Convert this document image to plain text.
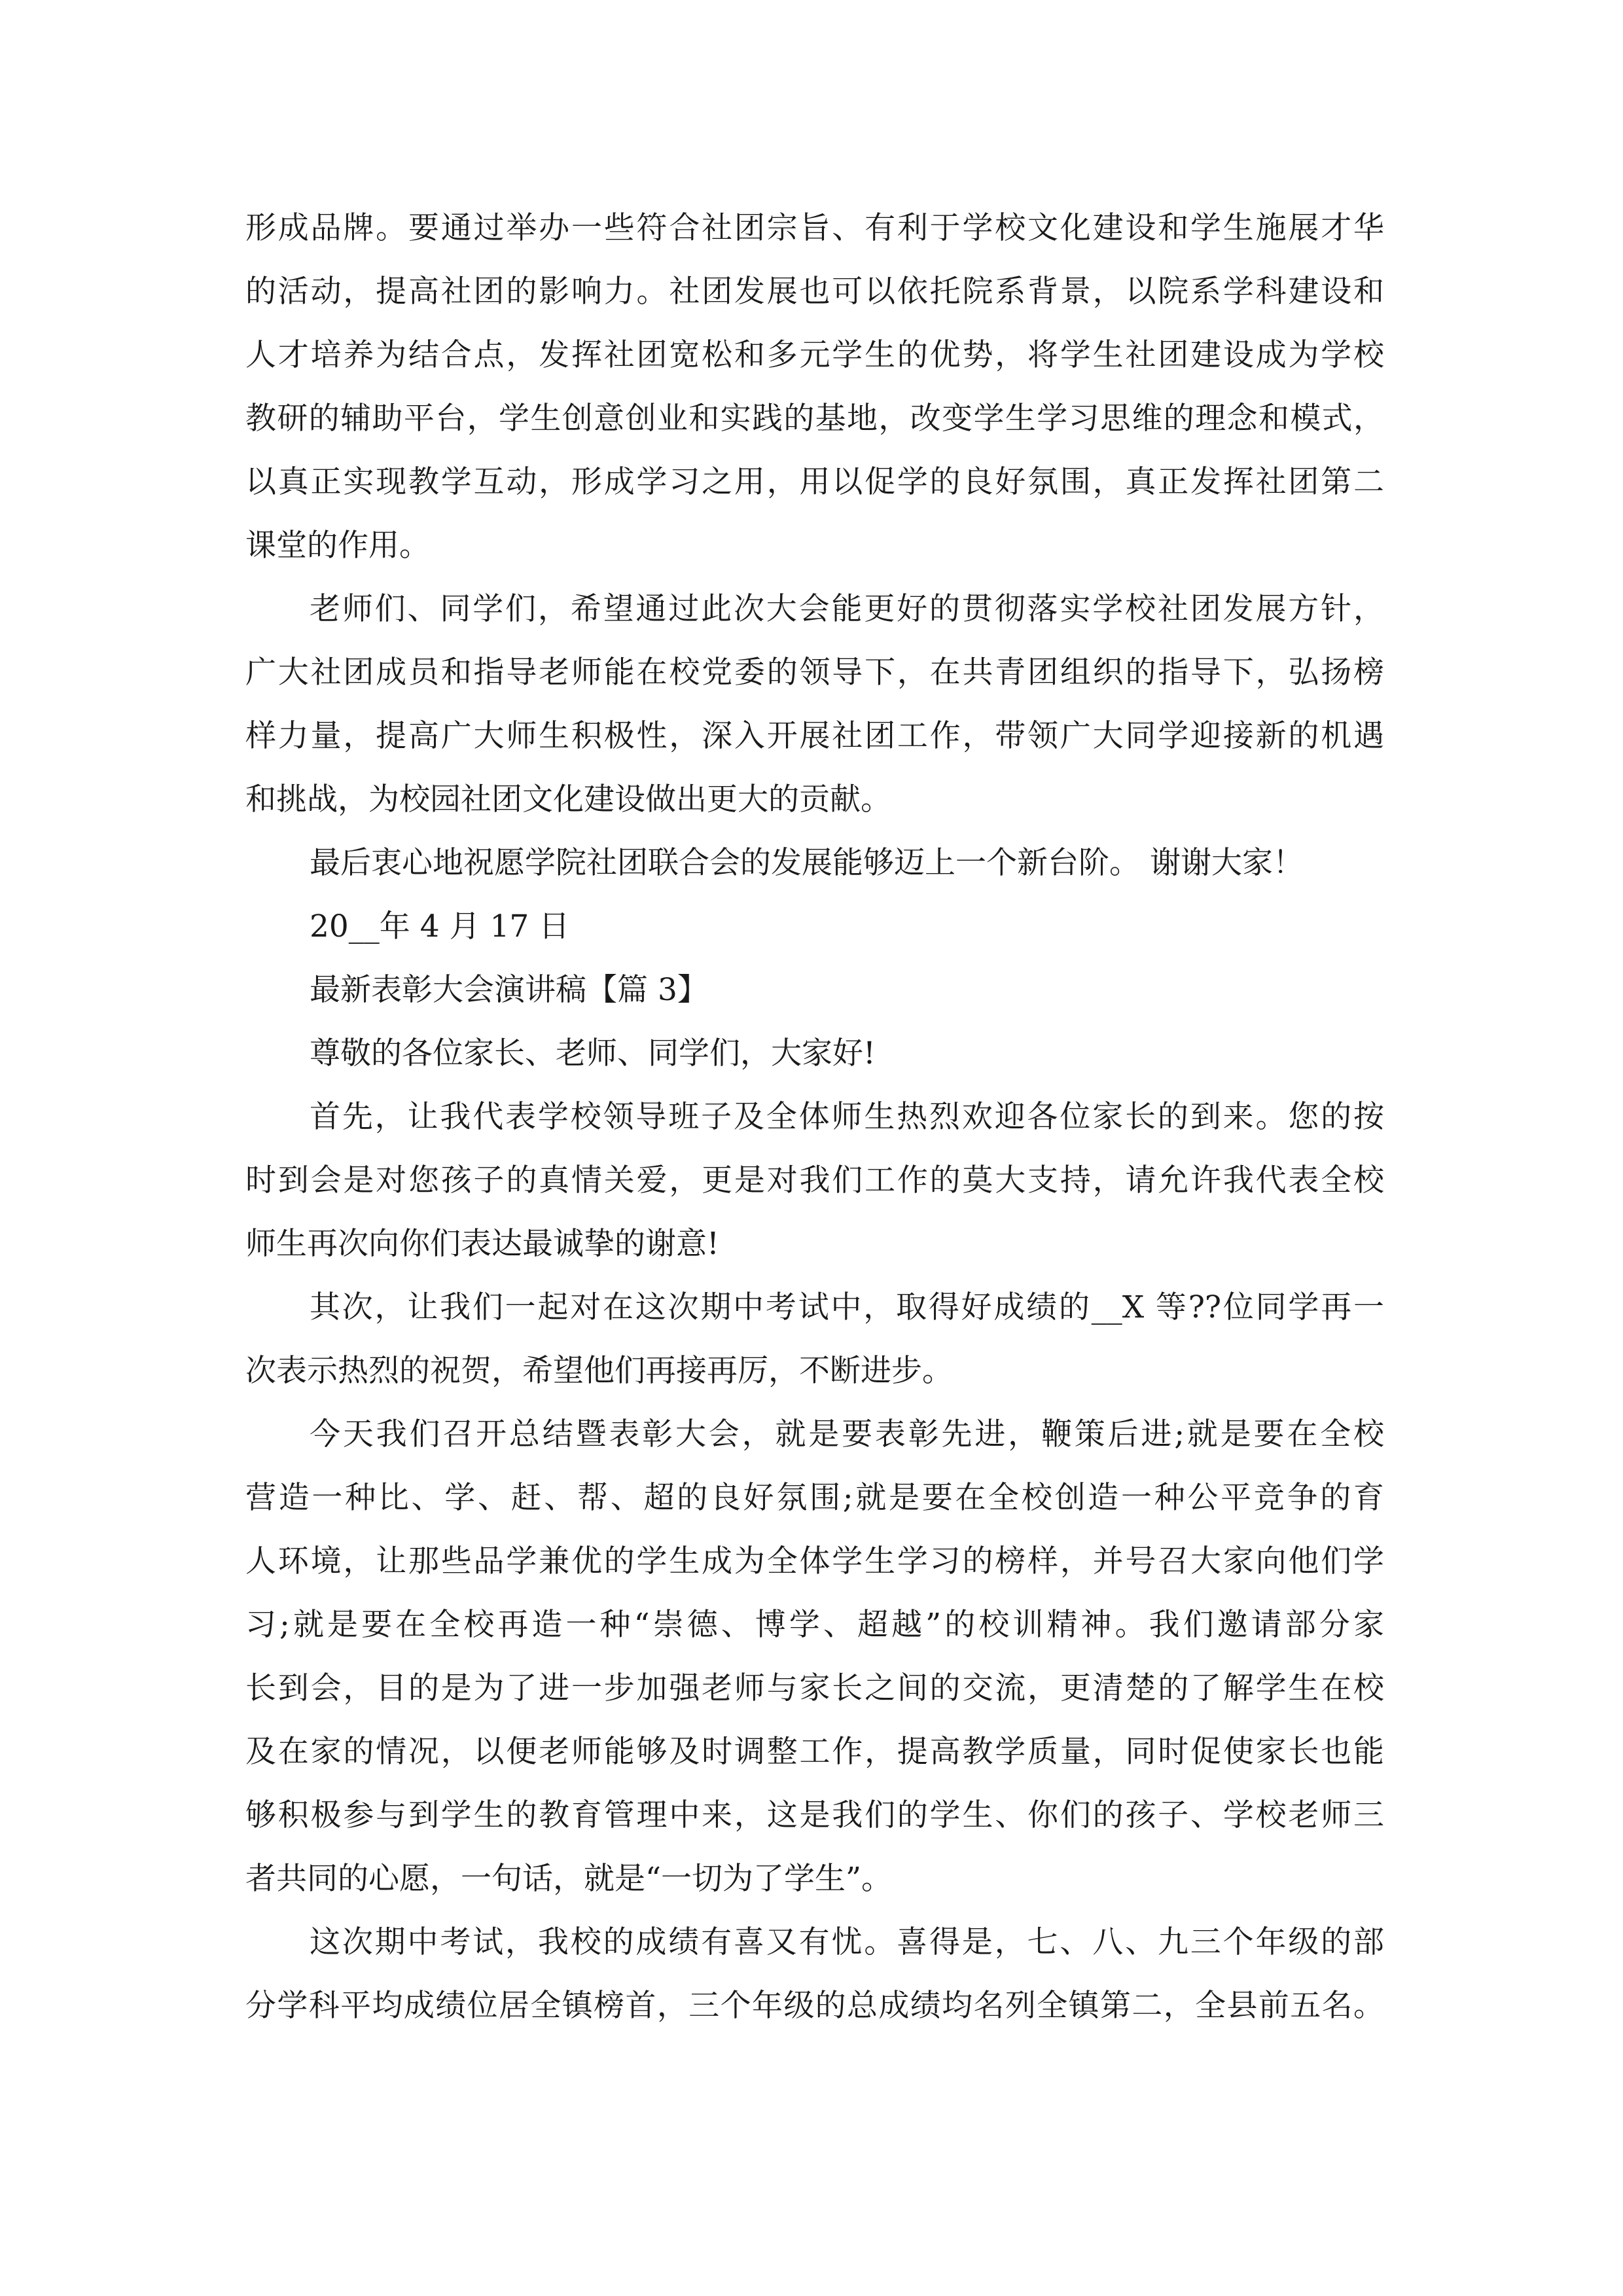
形成品牌。要通过举办一些符合社团宗旨、有利于学校文化建设和学生施展才华
的活动，提高社团的影响力。社团发展也可以依托院系背景，以院系学科建设和
人才培养为结合点，发挥社团宽松和多元学生的优势，将学生社团建设成为学校
教研的辅助平台，学生创意创业和实践的基地，改变学生学习思维的理念和模式，
以真正实现教学互动，形成学习之用，用以促学的良好氛围，真正发挥社团第二
课堂的作用。
老师们、同学们，希望通过此次大会能更好的贯彻落实学校社团发展方针，
广大社团成员和指导老师能在校党委的领导下，在共青团组织的指导下，弘扬榜
样力量，提高广大师生积极性，深入开展社团工作，带领广大同学迎接新的机遇
和挑战，为校园社团文化建设做出更大的贡献。
最后衷心地祝愿学院社团联合会的发展能够迈上一个新台阶。 谢谢大家！
20__年 4 月 17 日
最新表彰大会演讲稿【篇 3】
尊敬的各位家长、老师、同学们，大家好!
首先，让我代表学校领导班子及全体师生热烈欢迎各位家长的到来。您的按
时到会是对您孩子的真情关爱，更是对我们工作的莫大支持，请允许我代表全校
师生再次向你们表达最诚挚的谢意!
其次，让我们一起对在这次期中考试中，取得好成绩的__X 等??位同学再一
次表示热烈的祝贺，希望他们再接再厉，不断进步。
今天我们召开总结暨表彰大会，就是要表彰先进，鞭策后进;就是要在全校
营造一种比、学、赶、帮、超的良好氛围;就是要在全校创造一种公平竞争的育
人环境，让那些品学兼优的学生成为全体学生学习的榜样，并号召大家向他们学
习;就是要在全校再造一种“崇德、博学、超越”的校训精神。我们邀请部分家
长到会，目的是为了进一步加强老师与家长之间的交流，更清楚的了解学生在校
及在家的情况，以便老师能够及时调整工作，提高教学质量，同时促使家长也能
够积极参与到学生的教育管理中来，这是我们的学生、你们的孩子、学校老师三
者共同的心愿，一句话，就是“一切为了学生”。
这次期中考试，我校的成绩有喜又有忧。喜得是，七、八、九三个年级的部
分学科平均成绩位居全镇榜首，三个年级的总成绩均名列全镇第二，全县前五名。
